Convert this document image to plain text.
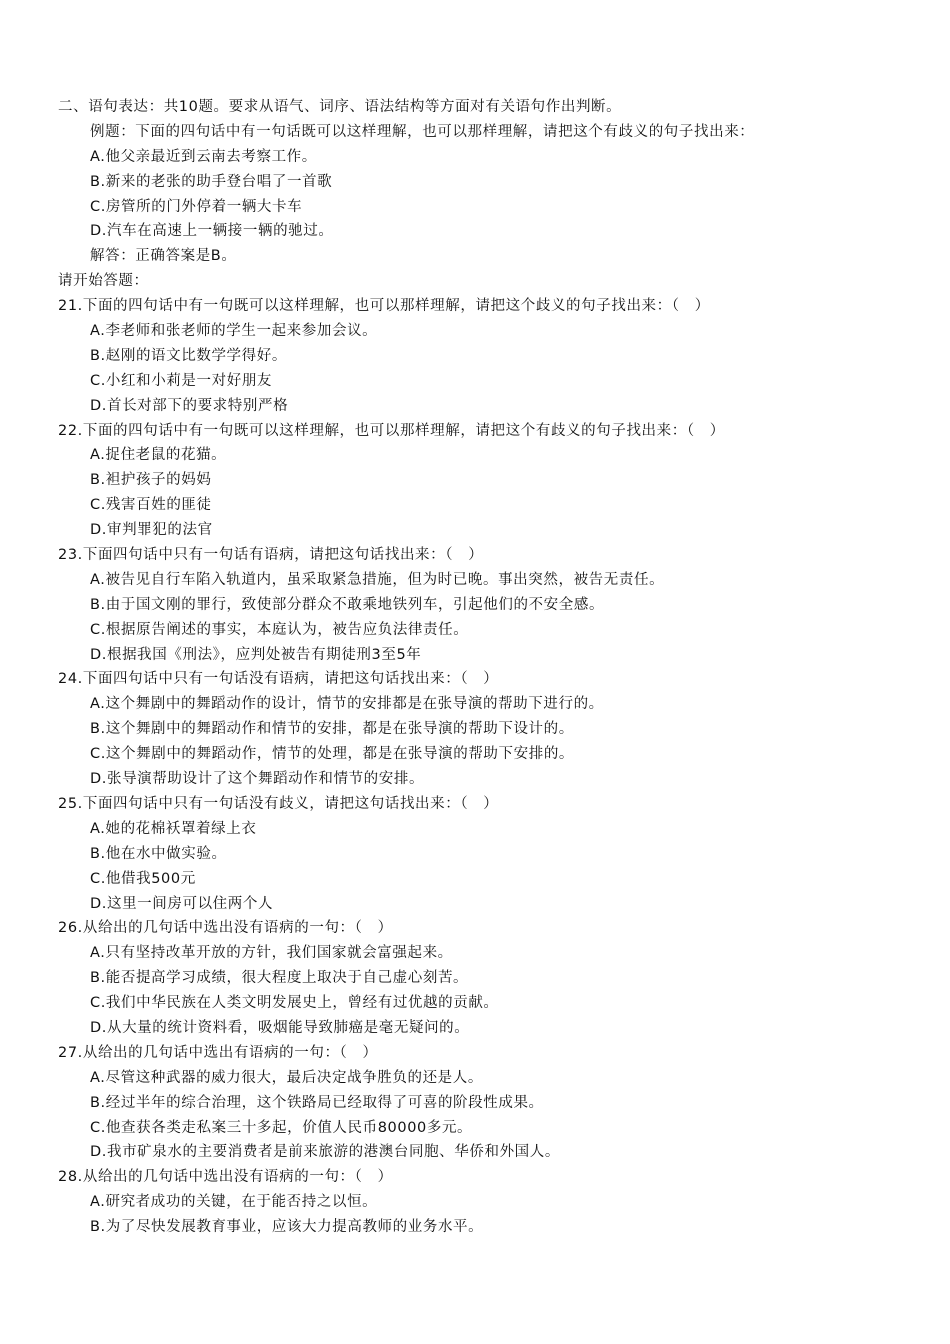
二、语句表达：共10题。要求从语气、词序、语法结构等方面对有关语句作出判断。
例题：下面的四句话中有一句话既可以这样理解，也可以那样理解，请把这个有歧义的句子找出来：
A.他父亲最近到云南去考察工作。
B.新来的老张的助手登台唱了一首歌
C.房管所的门外停着一辆大卡车
D.汽车在高速上一辆接一辆的驰过。
解答：正确答案是B。
请开始答题：
21.下面的四句话中有一句既可以这样理解，也可以那样理解，请把这个歧义的句子找出来：（　）
A.李老师和张老师的学生一起来参加会议。
B.赵刚的语文比数学学得好。
C.小红和小莉是一对好朋友
D.首长对部下的要求特别严格
22.下面的四句话中有一句既可以这样理解，也可以那样理解，请把这个有歧义的句子找出来：（　）
A.捉住老鼠的花猫。
B.袒护孩子的妈妈
C.残害百姓的匪徒
D.审判罪犯的法官
23.下面四句话中只有一句话有语病，请把这句话找出来：（　）
A.被告见自行车陷入轨道内，虽采取紧急措施，但为时已晚。事出突然，被告无责任。
B.由于国文刚的罪行，致使部分群众不敢乘地铁列车，引起他们的不安全感。
C.根据原告阐述的事实，本庭认为，被告应负法律责任。
D.根据我国《刑法》，应判处被告有期徒刑3至5年
24.下面四句话中只有一句话没有语病，请把这句话找出来：（　）
A.这个舞剧中的舞蹈动作的设计，情节的安排都是在张导演的帮助下进行的。
B.这个舞剧中的舞蹈动作和情节的安排，都是在张导演的帮助下设计的。
C.这个舞剧中的舞蹈动作，情节的处理，都是在张导演的帮助下安排的。
D.张导演帮助设计了这个舞蹈动作和情节的安排。
25.下面四句话中只有一句话没有歧义，请把这句话找出来：（　）
A.她的花棉袄罩着绿上衣
B.他在水中做实验。
C.他借我500元
D.这里一间房可以住两个人
26.从给出的几句话中选出没有语病的一句：（　）
A.只有坚持改革开放的方针，我们国家就会富强起来。
B.能否提高学习成绩，很大程度上取决于自己虚心刻苦。
C.我们中华民族在人类文明发展史上，曾经有过优越的贡献。
D.从大量的统计资料看，吸烟能导致肺癌是毫无疑问的。
27.从给出的几句话中选出有语病的一句：（　）
A.尽管这种武器的威力很大，最后决定战争胜负的还是人。
B.经过半年的综合治理，这个铁路局已经取得了可喜的阶段性成果。
C.他查获各类走私案三十多起，价值人民币80000多元。
D.我市矿泉水的主要消费者是前来旅游的港澳台同胞、华侨和外国人。
28.从给出的几句话中选出没有语病的一句：（　）
A.研究者成功的关键，在于能否持之以恒。
B.为了尽快发展教育事业，应该大力提高教师的业务水平。
